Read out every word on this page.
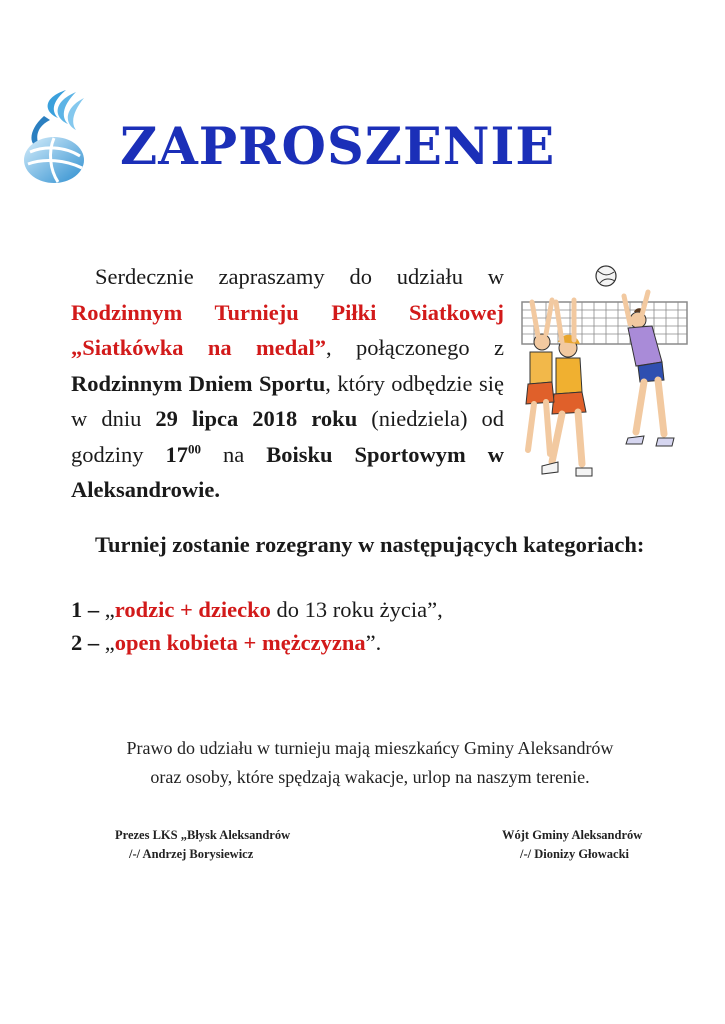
ZAPROSZENIE

Serdecznie zapraszamy do udziału w Rodzinnym Turnieju Piłki Siatkowej „Siatkówka na medal”, połączonego z Rodzinnym Dniem Sportu, który odbędzie się w dniu 29 lipca 2018 roku (niedziela) od godziny $17^{00}$ na Boisku Sportowym w Aleksandrowie.

Turniej zostanie rozegrany w następujących kategoriach:

1 – „rodzic + dziecko do 13 roku życia”,
2 – „open kobieta + mężczyzna”.
Prawo do udziału w turnieju mają mieszkańcy Gminy Aleksandrów
oraz osoby, które spędzają wakacje, urlop na naszym terenie.
Prezes LKS „Błysk Aleksandrów
/-/ Andrzej Borysiewicz
Wójt Gminy Aleksandrów
/-/ Dionizy Głowacki
